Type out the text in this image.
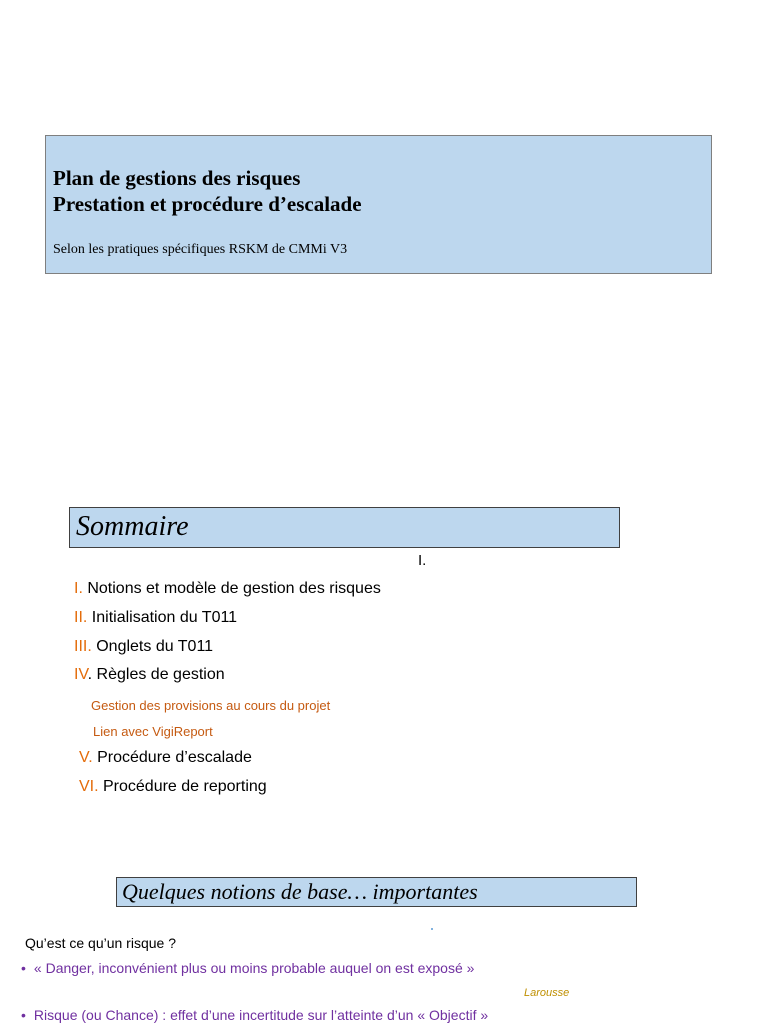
Plan de gestions des risques
Prestation et procédure d’escalade
Selon les pratiques spécifiques RSKM de CMMi V3
Sommaire
I.
I. Notions et modèle de gestion des risques
II. Initialisation du T011
III. Onglets du T011
IV. Règles de gestion
Gestion des provisions au cours du projet
Lien avec VigiReport
V. Procédure d’escalade
VI. Procédure de reporting
Quelques notions de base… importantes
Qu’est ce qu’un risque ?
• « Danger, inconvénient plus ou moins probable auquel on est exposé »
Larousse
• Risque (ou Chance) : effet d’une incertitude sur l’atteinte d’un « Objectif »
